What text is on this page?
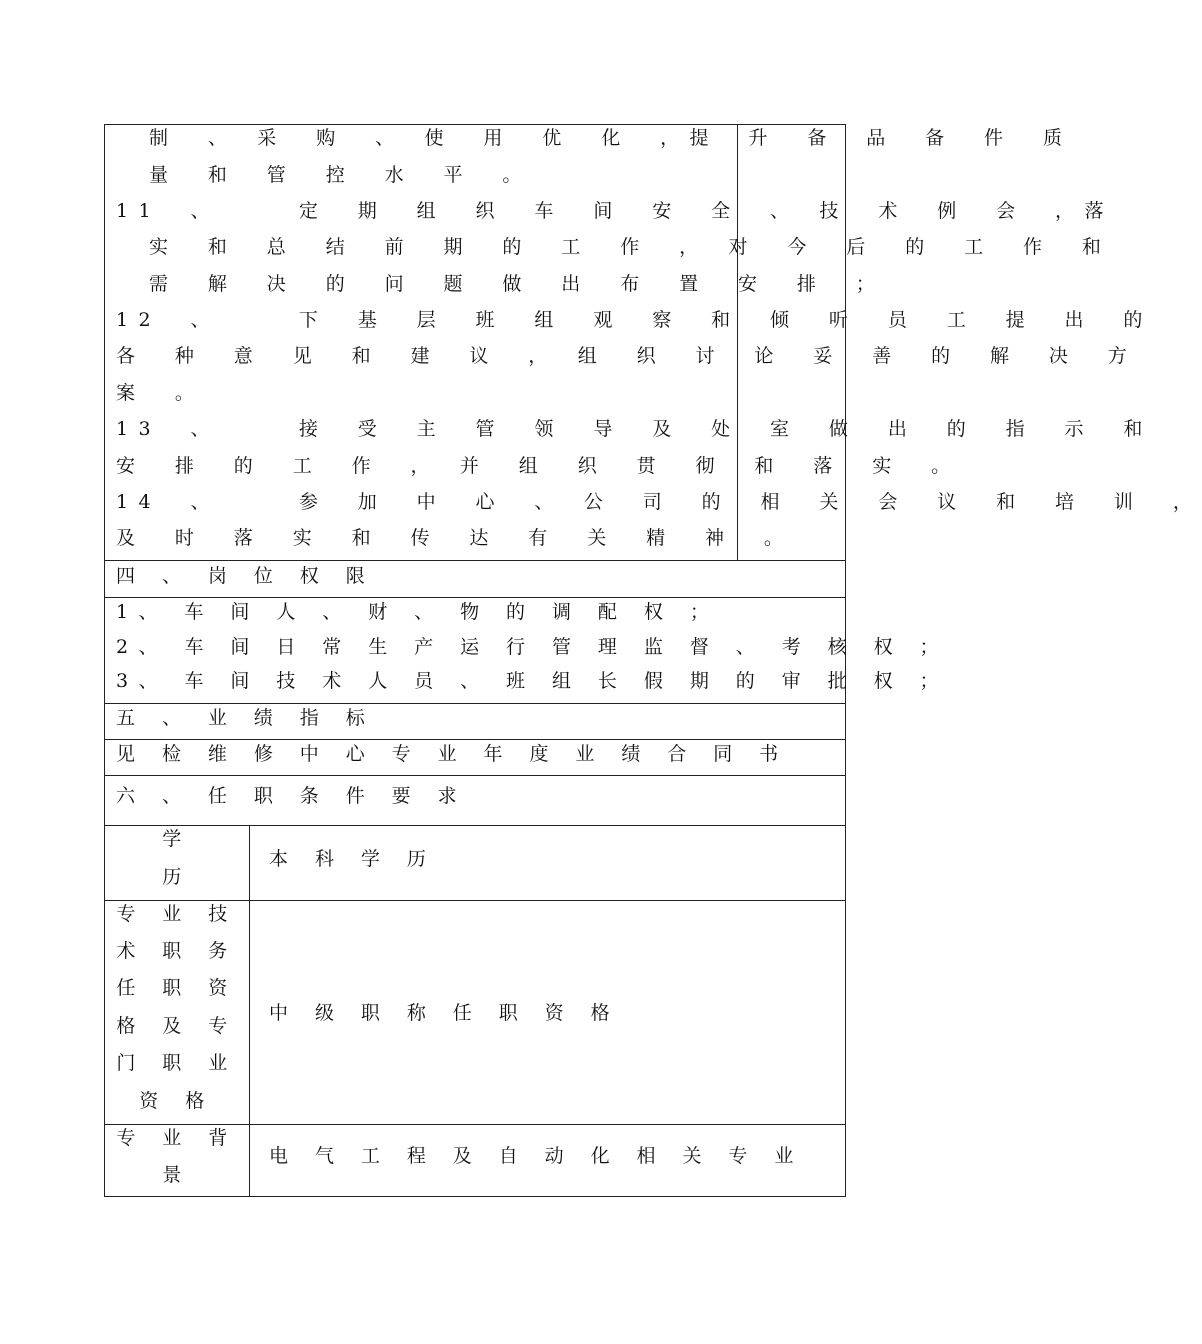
制　、　采　购　、　使　用　优　化　，提　升　备　品　备　件　质
量　和　管　控　水　平　。
11　、　　　定　期　组　织　车　间　安　全　、　技　术　例　会　，落
实　和　总　结　前　期　的　工　作　，　对　今　后　的　工　作　和
需　解　决　的　问　题　做　出　布　置　安　排　；
12　、　　　下　基　层　班　组　观　察　和　倾　听　员　工　提　出　的
各　种　意　见　和　建　议　，　组　织　讨　论　妥　善　的　解　决　方
案　。
13　、　　　接　受　主　管　领　导　及　处　室　做　出　的　指　示　和
安　排　的　工　作　，　并　组　织　贯　彻　和　落　实　。
14　、　　　参　加　中　心　、　公　司　的　相　关　会　议　和　培　训　，
及　时　落　实　和　传　达　有　关　精　神　。
四 、 岗 位 权 限
1、 车 间 人 、 财 、 物 的 调 配 权 ；
2、 车 间 日 常 生 产 运 行 管 理 监 督 、 考 核 权 ；
3、 车 间 技 术 人 员 、 班 组 长 假 期 的 审 批 权 ；
五 、 业 绩 指 标
见 检 维 修 中 心 专 业 年 度 业 绩 合 同 书
六 、 任 职 条 件 要 求
学
历
本 科 学 历
专 业 技
术 职 务
任 职 资
格 及 专
门 职 业
资 格
中 级 职 称 任 职 资 格
专 业 背
景
电 气 工 程 及 自 动 化 相 关 专 业
